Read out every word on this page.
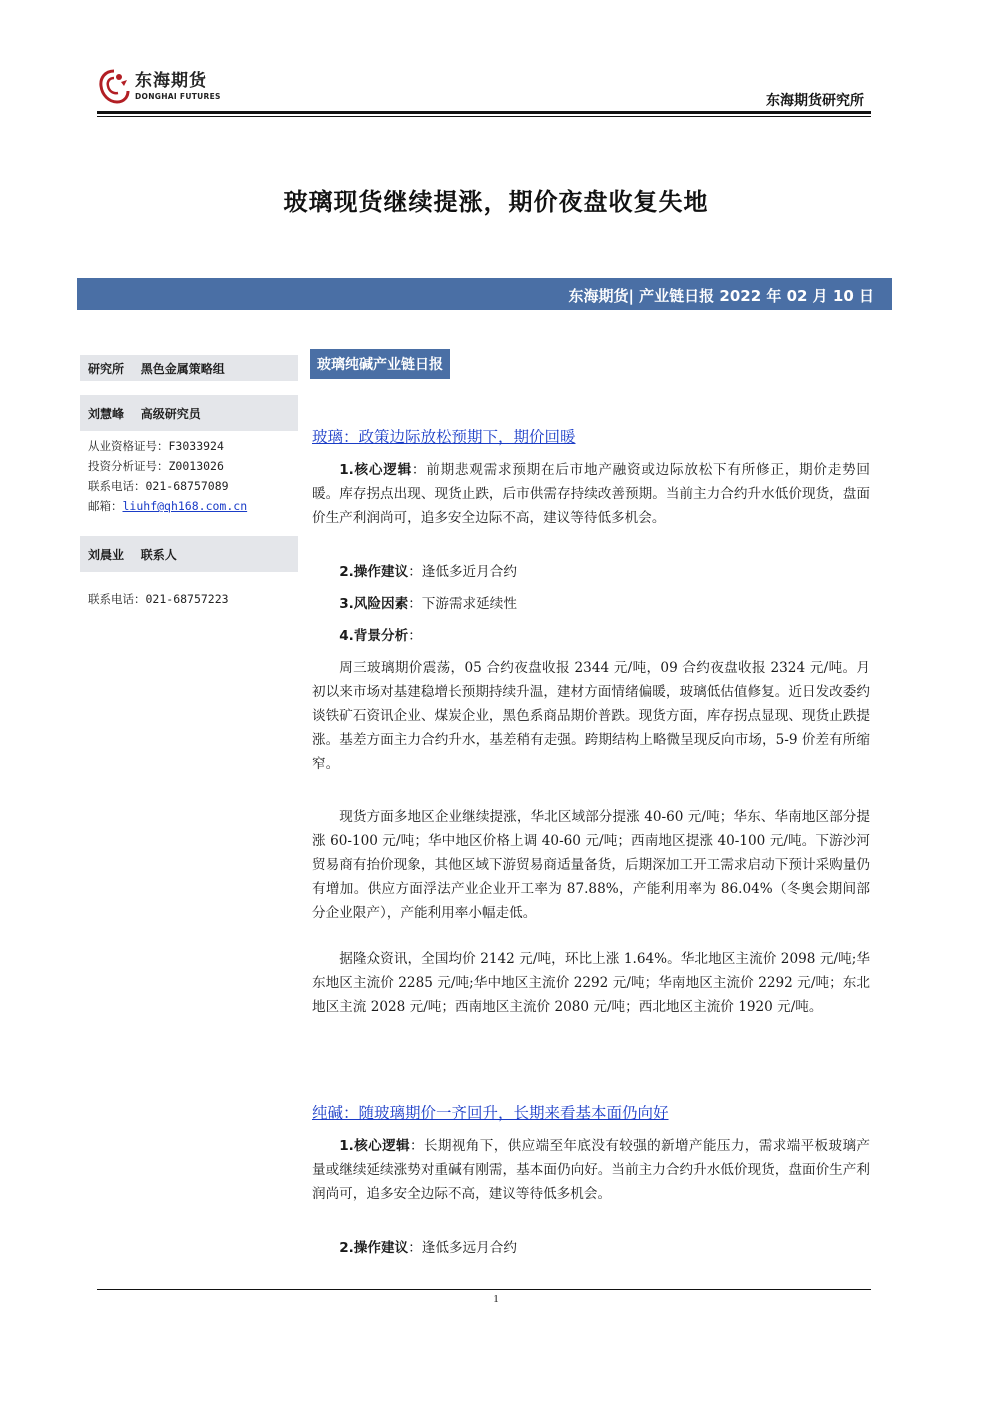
东海期货
DONGHAI FUTURES	东海期货研究所
玻璃现货继续提涨，期价夜盘收复失地
东海期货| 产业链日报 2022 年 02 月 10 日
研究所    黑色金属策略组
刘慧峰    高级研究员
从业资格证号：F3033924
投资分析证号：Z0013026
联系电话：021-68757089
邮箱：liuhf@qh168.com.cn
刘晨业    联系人
联系电话：021-68757223
玻璃纯碱产业链日报
玻璃：政策边际放松预期下，期价回暖
1.核心逻辑：前期悲观需求预期在后市地产融资或边际放松下有所修正，期价走势回暖。库存拐点出现、现货止跌，后市供需存持续改善预期。当前主力合约升水低价现货，盘面价生产利润尚可，追多安全边际不高，建议等待低多机会。
2.操作建议：逢低多近月合约
3.风险因素：下游需求延续性
4.背景分析：
周三玻璃期价震荡，05 合约夜盘收报 2344 元/吨，09 合约夜盘收报 2324 元/吨。月初以来市场对基建稳增长预期持续升温，建材方面情绪偏暖，玻璃低估值修复。近日发改委约谈铁矿石资讯企业、煤炭企业，黑色系商品期价普跌。现货方面，库存拐点显现、现货止跌提涨。基差方面主力合约升水，基差稍有走强。跨期结构上略微呈现反向市场，5-9 价差有所缩窄。
现货方面多地区企业继续提涨，华北区域部分提涨 40-60 元/吨；华东、华南地区部分提涨 60-100 元/吨；华中地区价格上调 40-60 元/吨；西南地区提涨 40-100 元/吨。下游沙河贸易商有抬价现象，其他区域下游贸易商适量备货，后期深加工开工需求启动下预计采购量仍有增加。供应方面浮法产业企业开工率为 87.88%，产能利用率为 86.04%（冬奥会期间部分企业限产），产能利用率小幅走低。
据隆众资讯，全国均价 2142 元/吨，环比上涨 1.64%。华北地区主流价 2098 元/吨;华东地区主流价 2285 元/吨;华中地区主流价 2292 元/吨；华南地区主流价 2292 元/吨；东北地区主流 2028 元/吨；西南地区主流价 2080 元/吨；西北地区主流价 1920 元/吨。
纯碱：随玻璃期价一齐回升，长期来看基本面仍向好
1.核心逻辑：长期视角下，供应端至年底没有较强的新增产能压力，需求端平板玻璃产量或继续延续涨势对重碱有刚需，基本面仍向好。当前主力合约升水低价现货，盘面价生产利润尚可，追多安全边际不高，建议等待低多机会。
2.操作建议：逢低多远月合约
1
